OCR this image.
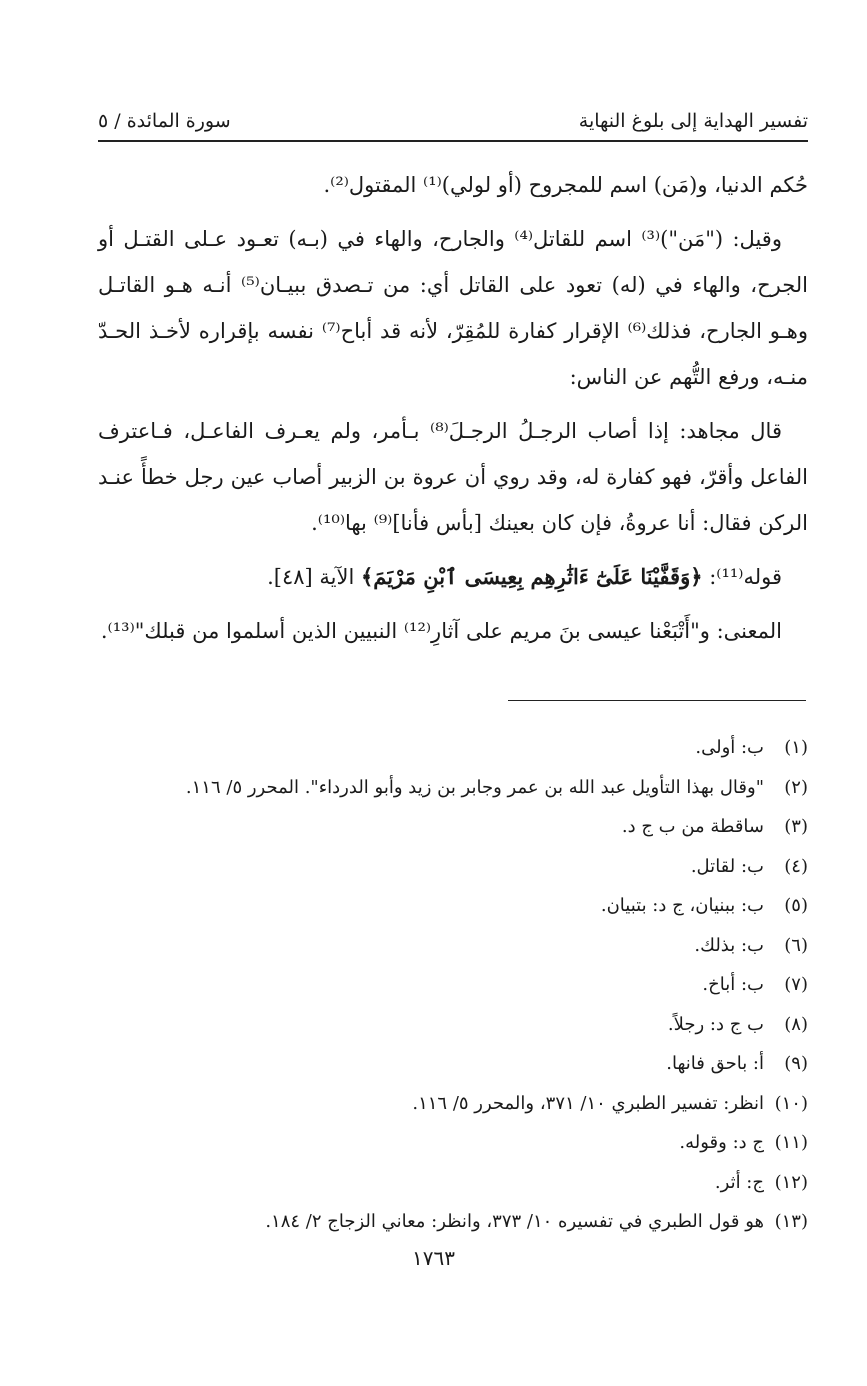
تفسير الهداية إلى بلوغ النهاية
سورة المائدة / ٥

حُكم الدنيا، و(مَن) اسم للمجروح (أو لولي)⁽¹⁾ المقتول⁽²⁾.

وقيل: ("مَن")⁽³⁾ اسم للقاتل⁽⁴⁾ والجارح، والهاء في (بـه) تعـود عـلى القتـل أو الجرح، والهاء في (له) تعود على القاتل أي: من تـصدق ببيـان⁽⁵⁾ أنـه هـو القاتـل وهـو الجارح، فذلك⁽⁶⁾ الإقرار كفارة للمُقِرّ، لأنه قد أباح⁽⁷⁾ نفسه بإقراره لأخـذ الحـدّ منـه، ورفع التُّهم عن الناس:

قال مجاهد: إذا أصاب الرجـلُ الرجـلَ⁽⁸⁾ بـأمر، ولم يعـرف الفاعـل، فـاعترف الفاعل وأقرّ، فهو كفارة له، وقد روي أن عروة بن الزبير أصاب عين رجل خطأً عنـد الركن فقال: أنا عروةُ، فإن كان بعينك [بأس فأنا]⁽⁹⁾ بها⁽¹⁰⁾.

قوله⁽¹¹⁾: ﴿وَقَفَّيْنَا عَلَىٰٓ ءَاثَٰرِهِم بِعِيسَى ٱبْنِ مَرْيَمَ﴾ الآية [٤٨].

المعنى: و"أَتْبَعْنا عيسى بنَ مريم على آثارِ⁽¹²⁾ النبيين الذين أسلموا من قبلك"⁽¹³⁾.

(١)
ب: أولى.
(٢)
"وقال بهذا التأويل عبد الله بن عمر وجابر بن زيد وأبو الدرداء". المحرر ٥/ ١١٦.
(٣)
ساقطة من ب ج د.
(٤)
ب: لقاتل.
(٥)
ب: ببنيان، ج د: بتبيان.
(٦)
ب: بذلك.
(٧)
ب: أباخ.
(٨)
ب ج د: رجلاً.
(٩)
أ: باحق فانها.
(١٠)
انظر: تفسير الطبري ١٠/ ٣٧١، والمحرر ٥/ ١١٦.
(١١)
ج د: وقوله.
(١٢)
ج: أثر.
(١٣)
هو قول الطبري في تفسيره ١٠/ ٣٧٣، وانظر: معاني الزجاج ٢/ ١٨٤.
١٧٦٣
